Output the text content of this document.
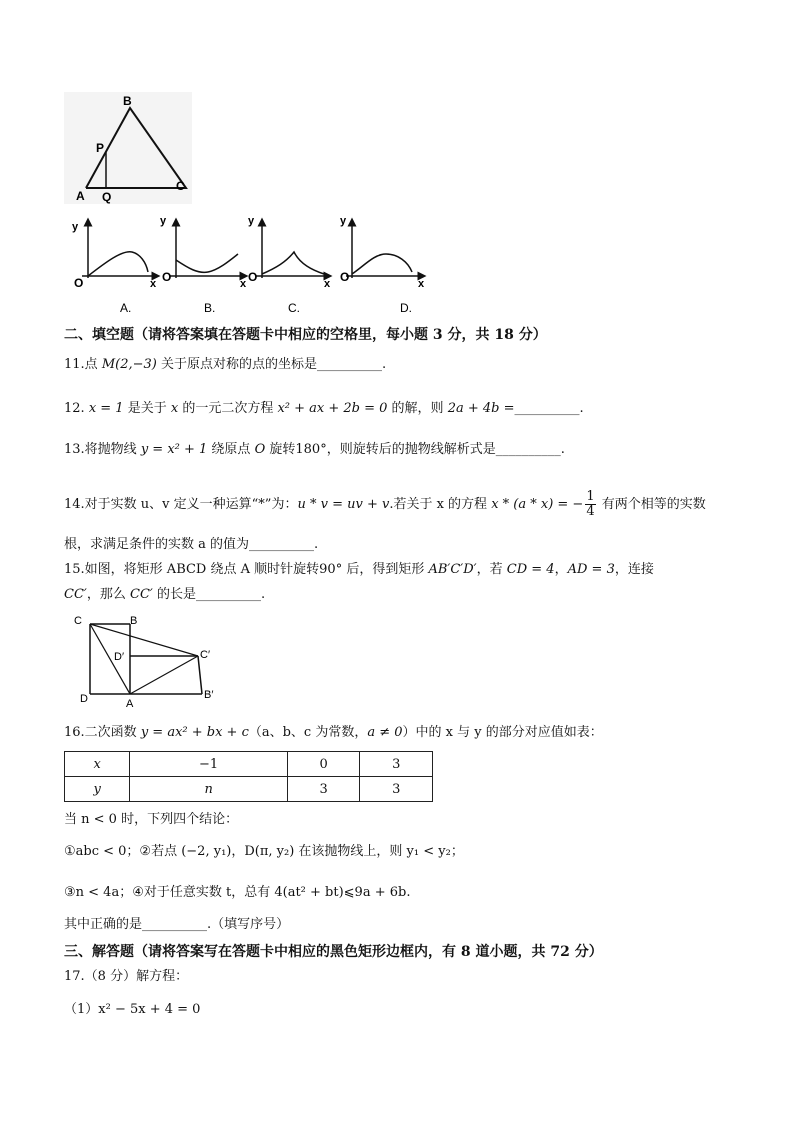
B
P
A Q
C
y
O	x
A.
y
O	x
B.
y
O	x
C.
y
O	x
D.
二、填空题（请将答案填在答题卡中相应的空格里，每小题 3 分，共 18 分）
11.点 M(2,−3) 关于原点对称的点的坐标是__________.
12. x = 1 是关于 x 的一元二次方程 x² + ax + 2b = 0 的解，则 2a + 4b =__________.
13.将抛物线 y = x² + 1 绕原点 O 旋转180°，则旋转后的抛物线解析式是__________.
14.对于实数 u、v 定义一种运算“*”为：u * v = uv + v.若关于 x 的方程 x * (a * x) = − $\frac{1}{4}$ 有两个相等的实数
根，求满足条件的实数 a 的值为__________.
15.如图，将矩形 ABCD 绕点 A 顺时针旋转90° 后，得到矩形 AB′C′D′，若 CD = 4，AD = 3，连接
CC′，那么 CC′ 的长是__________.
C	B
D′	C′
D	A
B′
16.二次函数 y = ax² + bx + c（a、b、c 为常数，a ≠ 0）中的 x 与 y 的部分对应值如表：
x	−1	0	3
y	n	3	3
当 n < 0 时，下列四个结论：
①abc < 0；②若点 (−2, y₁)，D(π, y₂) 在该抛物线上，则 y₁ < y₂；
③n < 4a；④对于任意实数 t，总有 4(at² + bt)⩽9a + 6b.
其中正确的是__________.（填写序号）
三、解答题（请将答案写在答题卡中相应的黑色矩形边框内，有 8 道小题，共 72 分）
17.（8 分）解方程：
（1）x² − 5x + 4 = 0
